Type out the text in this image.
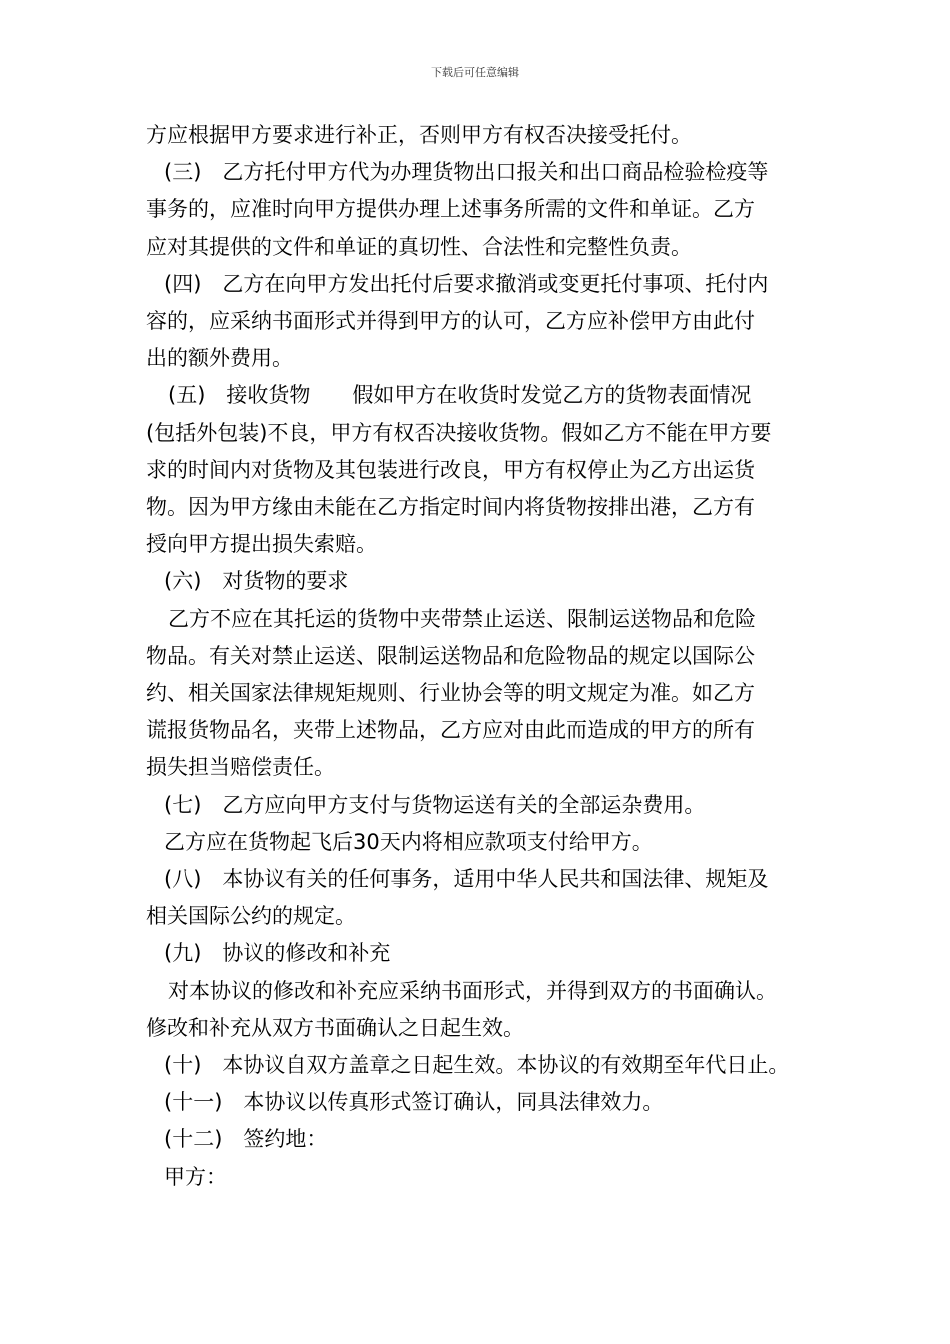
下载后可任意编辑

方应根据甲方要求进行补正，否则甲方有权否决接受托付。

(三)　乙方托付甲方代为办理货物出口报关和出口商品检验检疫等

事务的，应准时向甲方提供办理上述事务所需的文件和单证。乙方

应对其提供的文件和单证的真切性、合法性和完整性负责。

(四)　乙方在向甲方发出托付后要求撤消或变更托付事项、托付内

容的，应采纳书面形式并得到甲方的认可，乙方应补偿甲方由此付

出的额外费用。

(五)　接收货物　　假如甲方在收货时发觉乙方的货物表面情况

(包括外包装)不良，甲方有权否决接收货物。假如乙方不能在甲方要

求的时间内对货物及其包装进行改良，甲方有权停止为乙方出运货

物。因为甲方缘由未能在乙方指定时间内将货物按排出港，乙方有

授向甲方提出损失索赔。

(六)　对货物的要求

乙方不应在其托运的货物中夹带禁止运送、限制运送物品和危险

物品。有关对禁止运送、限制运送物品和危险物品的规定以国际公

约、相关国家法律规矩规则、行业协会等的明文规定为准。如乙方

谎报货物品名，夹带上述物品，乙方应对由此而造成的甲方的所有

损失担当赔偿责任。

(七)　乙方应向甲方支付与货物运送有关的全部运杂费用。

乙方应在货物起飞后30天内将相应款项支付给甲方。

(八)　本协议有关的任何事务，适用中华人民共和国法律、规矩及

相关国际公约的规定。

(九)　协议的修改和补充

对本协议的修改和补充应采纳书面形式，并得到双方的书面确认。

修改和补充从双方书面确认之日起生效。

(十)　本协议自双方盖章之日起生效。本协议的有效期至年代日止。

(十一)　本协议以传真形式签订确认，同具法律效力。

(十二)　签约地：

甲方：
